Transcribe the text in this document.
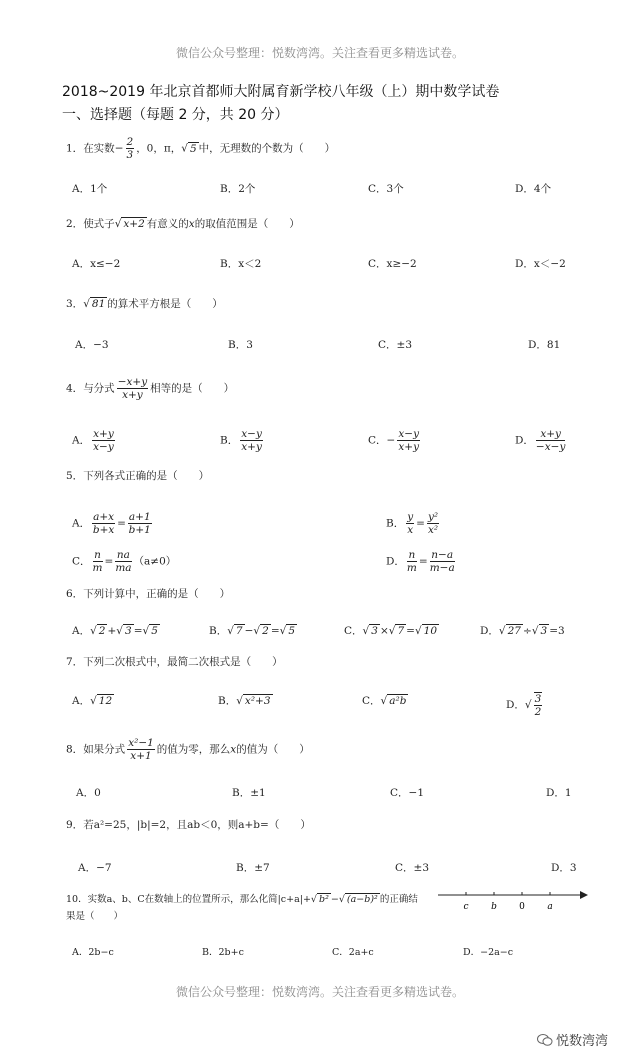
微信公众号整理：悦数湾湾。关注查看更多精选试卷。
2018~2019 年北京首都师大附属育新学校八年级（上）期中数学试卷
一、选择题（每题 2 分，共 20 分）
1．在实数− $\frac{2}{3}$ ，0，π，√ 5 中，无理数的个数为（　　）
A．1个	B．2个	C．3个	D．4个
2．使式子√ x+2 有意义的x的取值范围是（　　）
A．x≤−2	B．x＜2	C．x≥−2	D．x＜−2
3．√ 81 的算术平方根是（　　）
A．−3	B．3	C．±3	D．81
4．与分式 $\frac{-x+y}{x+y}$ 相等的是（　　）
A． $\frac{x+y}{x-y}$	B． $\frac{x-y}{x+y}$	C．− $\frac{x-y}{x+y}$	D． $\frac{x+y}{-x-y}$
5．下列各式正确的是（　　）
A． $\frac{a+x}{b+x} = \frac{a+1}{b+1}$	B． $\frac{y}{x} = \frac{\text{y²}}{\text{x²}}$
C． $\frac{n}{m} = \frac{na}{ma} (a\ne 0)$	D． $\frac{n}{m} = \frac{n-a}{m-a}$
6．下列计算中，正确的是（　　）
A．√ 2 +√ 3 =√ 5	B．√ 7 −√ 2 =√ 5	C．√ 3 ×√ 7 =√ 10	D．√ 27 ÷√ 3 =3
7．下列二次根式中，最简二次根式是（　　）
A．√ 12	B．√ x²+3	C．√ a²b	D．√ $\frac{3}{2}$
8．如果分式 $\frac{\text{x²−1}}{x+1}$ 的值为零，那么x的值为（　　）
A．0	B．±1	C．−1	D．1
9．若a²=25，|b|=2，且ab＜0，则a+b=（　　）
A．−7	B．±7	C．±3	D．3
10．实数a、b、C在数轴上的位置所示，那么化简|c+a|+√ b² −√ (a−b)² 的正确结
果是（　　）
c	b 0 a
A．2b−c	B．2b+c	C．2a+c	D．−2a−c
微信公众号整理：悦数湾湾。关注查看更多精选试卷。
悦数湾湾
